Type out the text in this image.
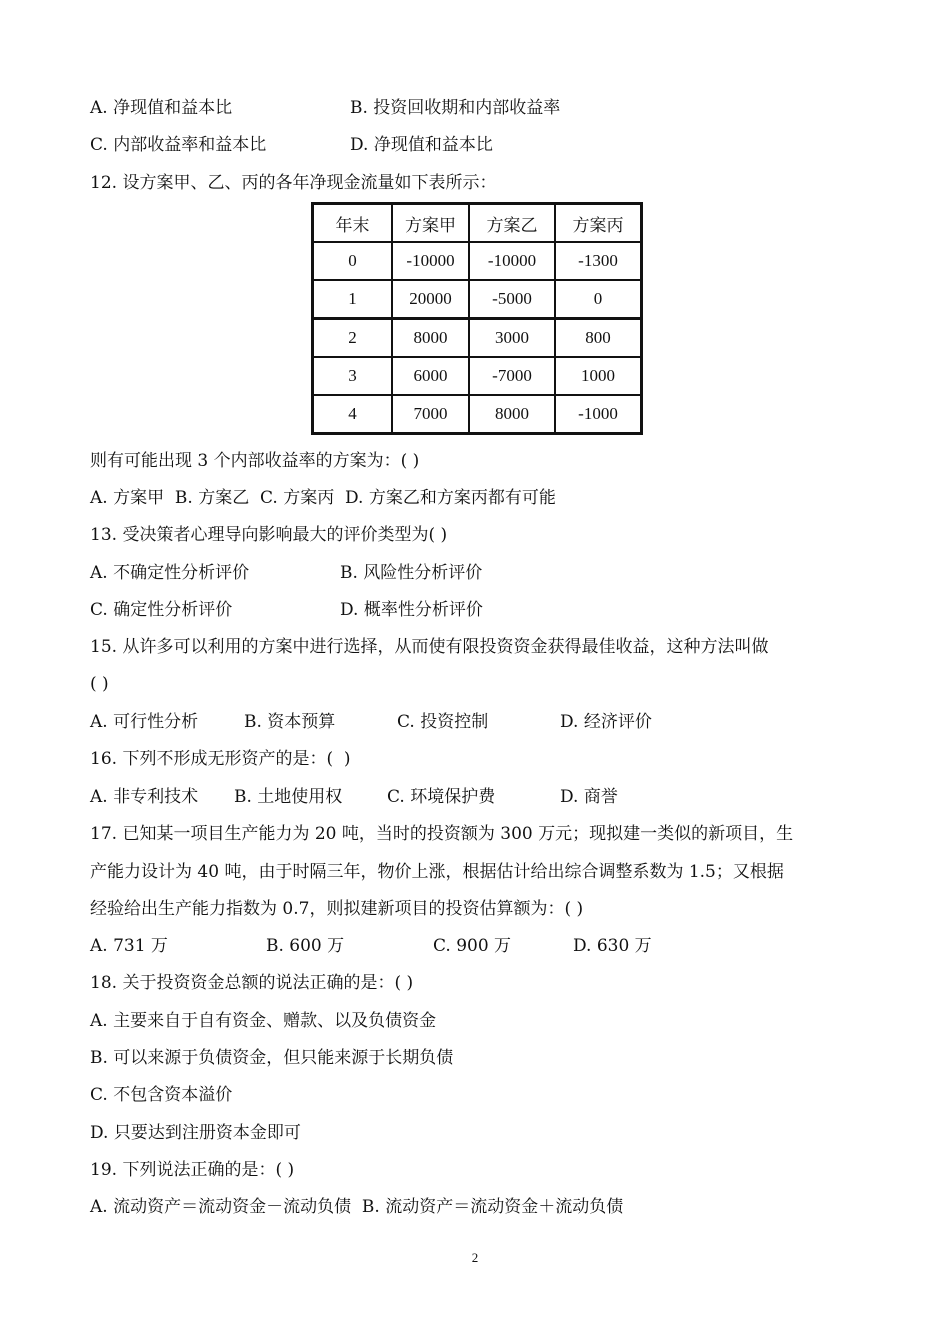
A. 净现值和益本比	B. 投资回收期和内部收益率
C. 内部收益率和益本比	D. 净现值和益本比
12. 设方案甲、乙、丙的各年净现金流量如下表所示：
年末	方案甲	方案乙	方案丙
0	-10000	-10000	-1300
1	20000	-5000	0
2	8000	3000	800
3	6000	-7000	1000
4	7000	8000	-1000
则有可能出现 3 个内部收益率的方案为：( )
A. 方案甲  B. 方案乙  C. 方案丙  D. 方案乙和方案丙都有可能
13. 受决策者心理导向影响最大的评价类型为( )
A. 不确定性分析评价	B. 风险性分析评价
C. 确定性分析评价	D. 概率性分析评价
15. 从许多可以利用的方案中进行选择，从而使有限投资资金获得最佳收益，这种方法叫做
( )
A. 可行性分析	B. 资本预算	C. 投资控制	D. 经济评价
16. 下列不形成无形资产的是：(  )
A. 非专利技术 B. 土地使用权	C. 环境保护费	D. 商誉
17. 已知某一项目生产能力为 20 吨，当时的投资额为 300 万元；现拟建一类似的新项目，生
产能力设计为 40 吨，由于时隔三年，物价上涨，根据估计给出综合调整系数为 1.5；又根据
经验给出生产能力指数为 0.7，则拟建新项目的投资估算额为：( )
A. 731 万	B. 600 万	C. 900 万	D. 630 万
18. 关于投资资金总额的说法正确的是：( )
A. 主要来自于自有资金、赠款、以及负债资金
B. 可以来源于负债资金，但只能来源于长期负债
C. 不包含资本溢价
D. 只要达到注册资本金即可
19. 下列说法正确的是：( )
A. 流动资产＝流动资金－流动负债  B. 流动资产＝流动资金＋流动负债
2
